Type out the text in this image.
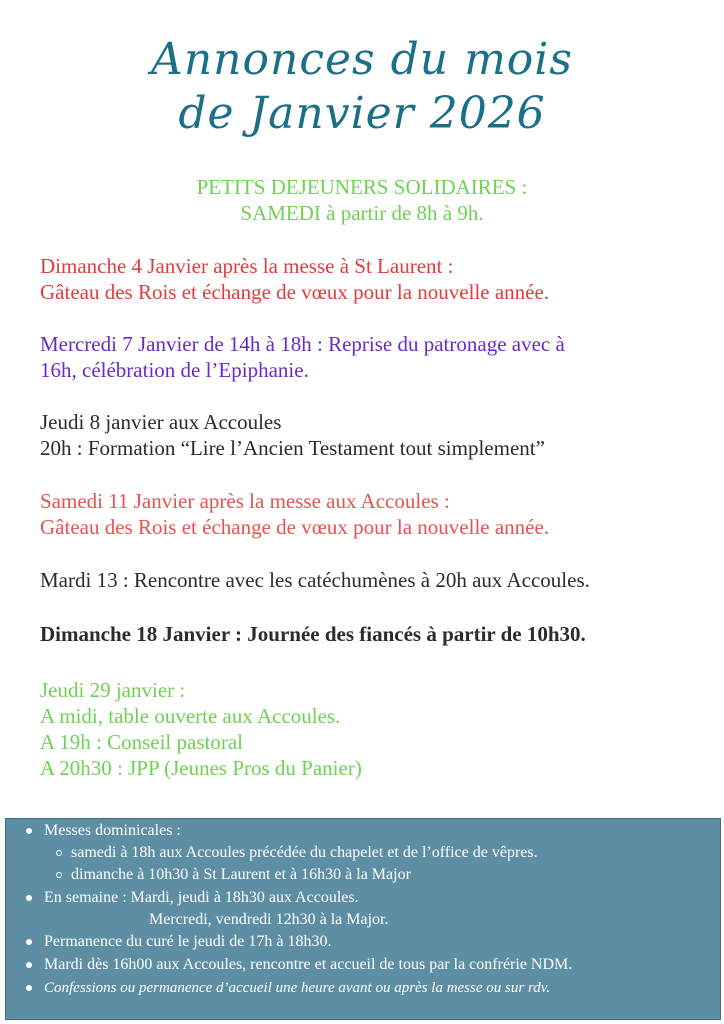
Annonces du mois
de Janvier 2026
PETITS DEJEUNERS SOLIDAIRES :
SAMEDI à partir de 8h à 9h.
Dimanche 4 Janvier après la messe à St Laurent :
Gâteau des Rois et échange de vœux pour la nouvelle année.
Mercredi 7 Janvier de 14h à 18h : Reprise du patronage avec à
16h, célébration de l’Epiphanie.
Jeudi 8 janvier aux Accoules
20h : Formation “Lire l’Ancien Testament tout simplement”
Samedi 11 Janvier après la messe aux Accoules :
Gâteau des Rois et échange de vœux pour la nouvelle année.
Mardi 13 : Rencontre avec les catéchumènes à 20h aux Accoules.
Dimanche 18 Janvier : Journée des fiancés à partir de 10h30.
Jeudi 29 janvier :
A midi, table ouverte aux Accoules.
A 19h : Conseil pastoral
A 20h30 : JPP (Jeunes Pros du Panier)
Messes dominicales :
samedi à 18h aux Accoules précédée du chapelet et de l’office de vêpres.
dimanche à 10h30 à St Laurent et à 16h30 à la Major
En semaine : Mardi, jeudi à 18h30 aux Accoules.
Mercredi, vendredi 12h30 à la Major.
Permanence du curé le jeudi de 17h à 18h30.
Mardi dès 16h00 aux Accoules, rencontre et accueil de tous par la confrérie NDM.
Confessions ou permanence d’accueil une heure avant ou après la messe ou sur rdv.
